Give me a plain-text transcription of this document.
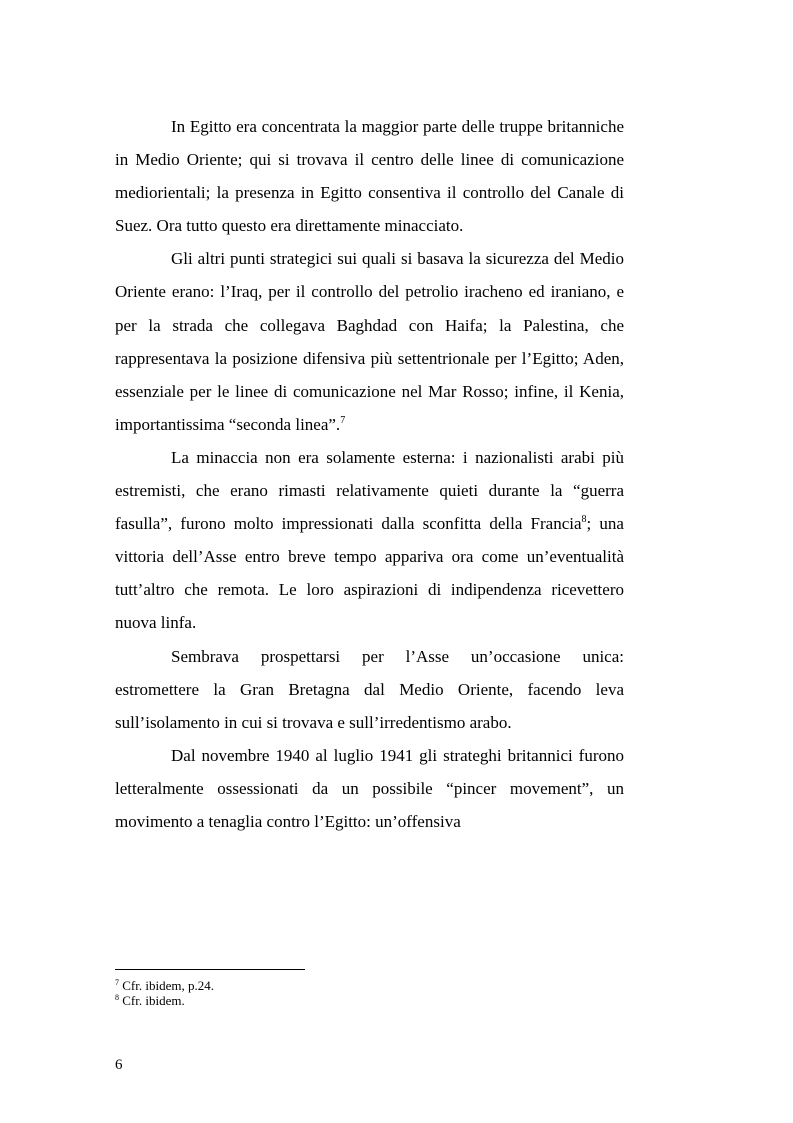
In Egitto era concentrata la maggior parte delle truppe britanniche in Medio Oriente; qui si trovava il centro delle linee di comunicazione mediorientali; la presenza in Egitto consentiva il controllo del Canale di Suez. Ora tutto questo era direttamente minacciato.

Gli altri punti strategici sui quali si basava la sicurezza del Medio Oriente erano: l’Iraq, per il controllo del petrolio iracheno ed iraniano, e per la strada che collegava Baghdad con Haifa; la Palestina, che rappresentava la posizione difensiva più settentrionale per l’Egitto; Aden, essenziale per le linee di comunicazione nel Mar Rosso; infine, il Kenia, importantissima “seconda linea”.$^7$

La minaccia non era solamente esterna: i nazionalisti arabi più estremisti, che erano rimasti relativamente quieti durante la “guerra fasulla”, furono molto impressionati dalla sconfitta della Francia$^8$; una vittoria dell’Asse entro breve tempo appariva ora come un’eventualità tutt’altro che remota. Le loro aspirazioni di indipendenza ricevettero nuova linfa.

Sembrava prospettarsi per l’Asse un’occasione unica: estromettere la Gran Bretagna dal Medio Oriente, facendo leva sull’isolamento in cui si trovava e sull’irredentismo arabo.

Dal novembre 1940 al luglio 1941 gli strateghi britannici furono letteralmente ossessionati da un possibile “pincer movement”, un movimento a tenaglia contro l’Egitto: un’offensiva

$^7$ Cfr. ibidem, p.24.

$^8$ Cfr. ibidem.

6
